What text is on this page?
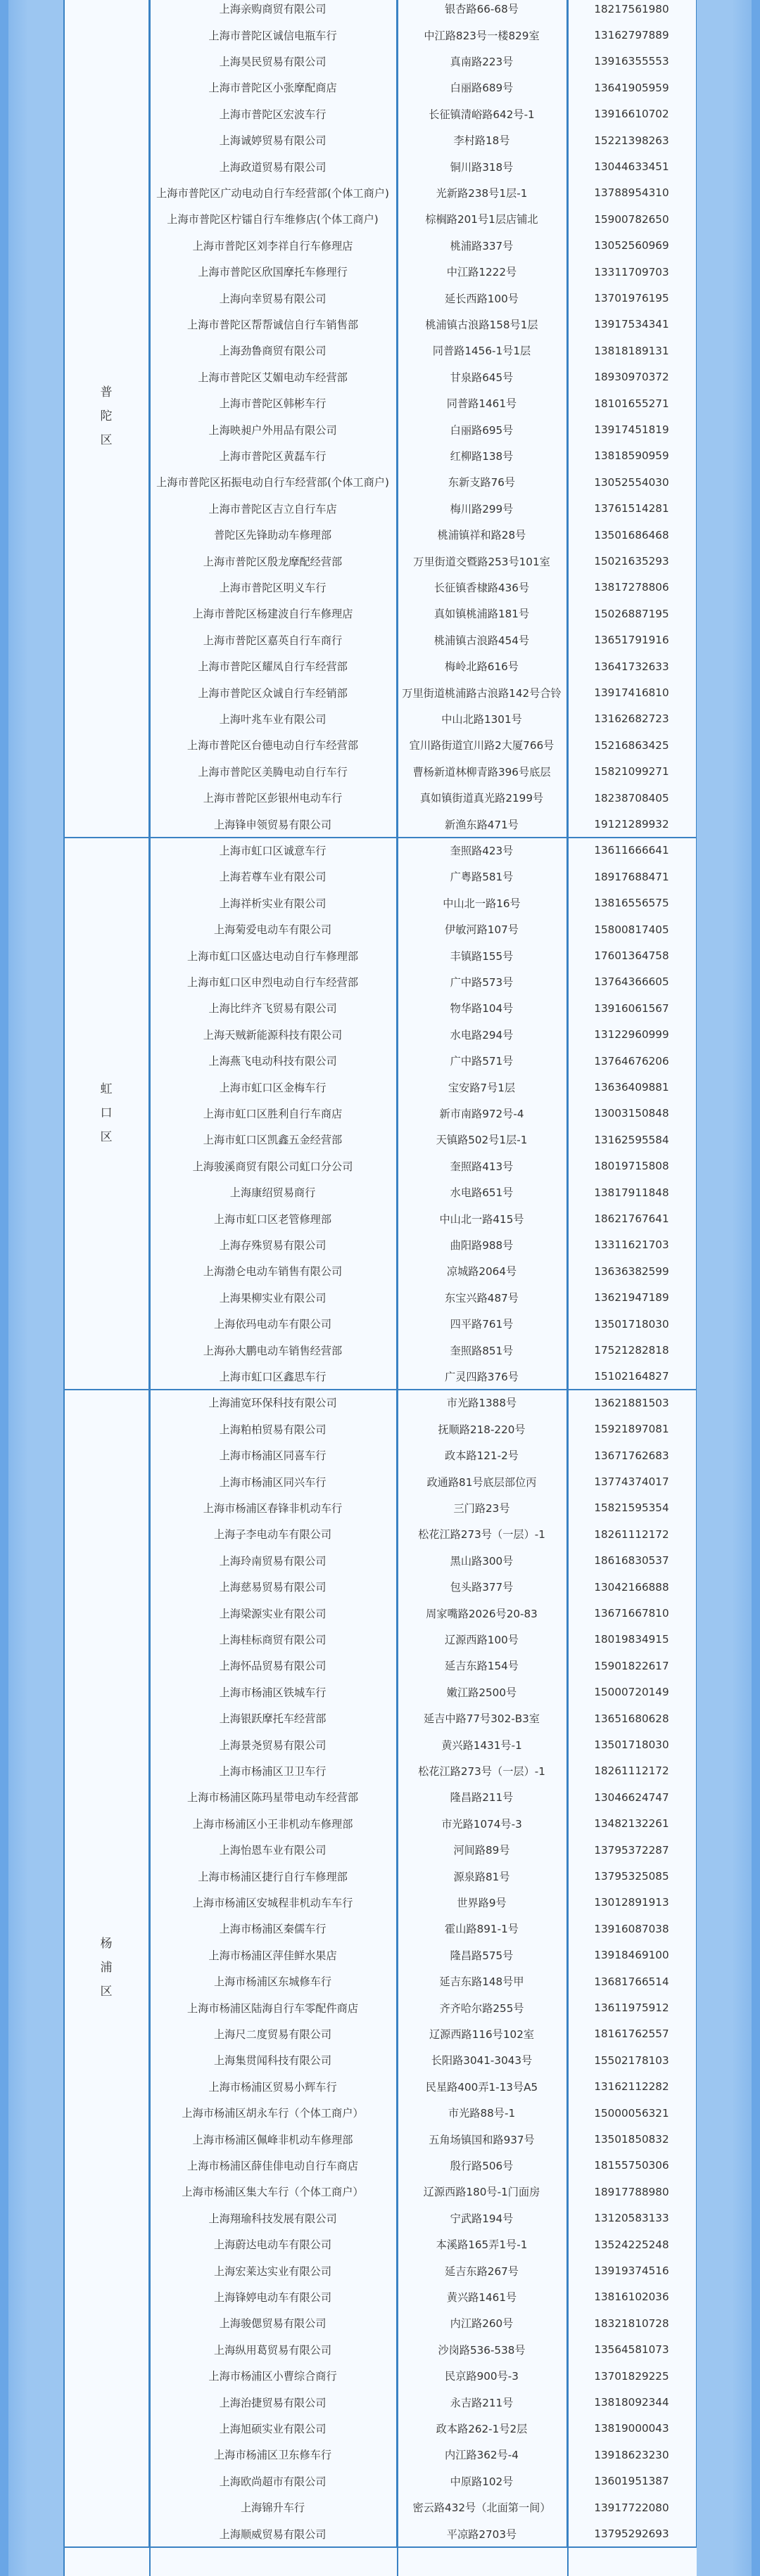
普陀区
上海亲购商贸有限公司	银杏路66-68号	18217561980
上海市普陀区诚信电瓶车行	中江路823号一楼829室	13162797889
上海昊民贸易有限公司	真南路223号	13916355553
上海市普陀区小张摩配商店	白丽路689号	13641905959
上海市普陀区宏波车行	长征镇清峪路642号-1	13916610702
上海诚婷贸易有限公司	李村路18号	15221398263
上海政道贸易有限公司	铜川路318号	13044633451
上海市普陀区广动电动自行车经营部(个体工商户)	光新路238号1层-1	13788954310
上海市普陀区柠镭自行车维修店(个体工商户)	棕榈路201号1层店铺北	15900782650
上海市普陀区刘李祥自行车修理店	桃浦路337号	13052560969
上海市普陀区欣国摩托车修理行	中江路1222号	13311709703
上海向幸贸易有限公司	延长西路100号	13701976195
上海市普陀区帮帮诚信自行车销售部	桃浦镇古浪路158号1层	13917534341
上海劲鲁商贸有限公司	同普路1456-1号1层	13818189131
上海市普陀区艾媚电动车经营部	甘泉路645号	18930970372
上海市普陀区韩彬车行	同普路1461号	18101655271
上海映昶户外用品有限公司	白丽路695号	13917451819
上海市普陀区黄磊车行	红柳路138号	13818590959
上海市普陀区拓振电动自行车经营部(个体工商户)	东新支路76号	13052554030
上海市普陀区吉立自行车店	梅川路299号	13761514281
普陀区先锋助动车修理部	桃浦镇祥和路28号	13501686468
上海市普陀区殷龙摩配经营部	万里街道交暨路253号101室	15021635293
上海市普陀区明义车行	长征镇香棣路436号	13817278806
上海市普陀区杨建波自行车修理店	真如镇桃浦路181号	15026887195
上海市普陀区嘉英自行车商行	桃浦镇古浪路454号	13651791916
上海市普陀区耀凤自行车经营部	梅岭北路616号	13641732633
上海市普陀区众诚自行车经销部	万里街道桃浦路古浪路142号合铃	13917416810
上海叶兆车业有限公司	中山北路1301号	13162682723
上海市普陀区台德电动自行车经营部	宜川路街道宜川路2大厦766号	15216863425
上海市普陀区美腾电动自行车行	曹杨新道林柳青路396号底层	15821099271
上海市普陀区彭银州电动车行	真如镇街道真光路2199号	18238708405
上海锋申领贸易有限公司	新渔东路471号	19121289932
虹口区
上海市虹口区诚意车行	奎照路423号	13611666641
上海若尊车业有限公司	广粤路581号	18917688471
上海祥析实业有限公司	中山北一路16号	13816556575
上海菊爱电动车有限公司	伊敏河路107号	15800817405
上海市虹口区盛达电动自行车修理部	丰镇路155号	17601364758
上海市虹口区申烈电动自行车经营部	广中路573号	13764366605
上海比绊齐飞贸易有限公司	物华路104号	13916061567
上海天贼新能源科技有限公司	水电路294号	13122960999
上海燕飞电动科技有限公司	广中路571号	13764676206
上海市虹口区金梅车行	宝安路7号1层	13636409881
上海市虹口区胜利自行车商店	新市南路972号-4	13003150848
上海市虹口区凯鑫五金经营部	天镇路502号1层-1	13162595584
上海骏溪商贸有限公司虹口分公司	奎照路413号	18019715808
上海康绍贸易商行	水电路651号	13817911848
上海市虹口区老管修理部	中山北一路415号	18621767641
上海存殊贸易有限公司	曲阳路988号	13311621703
上海渤仑电动车销售有限公司	凉城路2064号	13636382599
上海果柳实业有限公司	东宝兴路487号	13621947189
上海依玛电动车有限公司	四平路761号	13501718030
上海孙大鹏电动车销售经营部	奎照路851号	17521282818
上海市虹口区鑫思车行	广灵四路376号	15102164827
杨浦区
上海浦宽环保科技有限公司	市光路1388号	13621881503
上海粕柏贸易有限公司	抚顺路218-220号	15921897081
上海市杨浦区同喜车行	政本路121-2号	13671762683
上海市杨浦区同兴车行	政通路81号底层部位丙	13774374017
上海市杨浦区春锋非机动车行	三门路23号	15821595354
上海子李电动车有限公司	松花江路273号（一层）-1	18261112172
上海玲南贸易有限公司	黑山路300号	18616830537
上海慈易贸易有限公司	包头路377号	13042166888
上海梁源实业有限公司	周家嘴路2026号20-83	13671667810
上海桂标商贸有限公司	辽源西路100号	18019834915
上海怀品贸易有限公司	延吉东路154号	15901822617
上海市杨浦区铁城车行	嫩江路2500号	15000720149
上海银跃摩托车经营部	延吉中路77号302-B3室	13651680628
上海景尧贸易有限公司	黄兴路1431号-1	13501718030
上海市杨浦区卫卫车行	松花江路273号（一层）-1	18261112172
上海市杨浦区陈玛星带电动车经营部	隆昌路211号	13046624747
上海市杨浦区小王非机动车修理部	市光路1074号-3	13482132261
上海怡恩车业有限公司	河间路89号	13795372287
上海市杨浦区捷行自行车修理部	源泉路81号	13795325085
上海市杨浦区安城程非机动车车行	世界路9号	13012891913
上海市杨浦区秦儒车行	霍山路891-1号	13916087038
上海市杨浦区萍佳鲜水果店	隆昌路575号	13918469100
上海市杨浦区东城修车行	延吉东路148号甲	13681766514
上海市杨浦区陆海自行车零配件商店	齐齐哈尔路255号	13611975912
上海尺二度贸易有限公司	辽源西路116号102室	18161762557
上海集贯闻科技有限公司	长阳路3041-3043号	15502178103
上海市杨浦区贸易小辉车行	民星路400弄1-13号A5	13162112282
上海市杨浦区胡永车行（个体工商户）	市光路88号-1	15000056321
上海市杨浦区佩峰非机动车修理部	五角场镇国和路937号	13501850832
上海市杨浦区薛佳俳电动自行车商店	殷行路506号	18155750306
上海市杨浦区集大车行（个体工商户）	辽源西路180号-1门面房	18917788980
上海翔瑜科技发展有限公司	宁武路194号	13120583133
上海蔚达电动车有限公司	本溪路165弄1号-1	13524225248
上海宏莱达实业有限公司	延吉东路267号	13919374516
上海锋婷电动车有限公司	黄兴路1461号	13816102036
上海骏偲贸易有限公司	内江路260号	18321810728
上海纵用葛贸易有限公司	沙岗路536-538号	13564581073
上海市杨浦区小曹综合商行	民京路900号-3	13701829225
上海治捷贸易有限公司	永吉路211号	13818092344
上海旭硕实业有限公司	政本路262-1号2层	13819000043
上海市杨浦区卫东修车行	内江路362号-4	13918623230
上海欧尚超市有限公司	中原路102号	13601951387
上海锦升车行	密云路432号（北面第一间）	13917722080
上海顺威贸易有限公司	平凉路2703号	13795292693
